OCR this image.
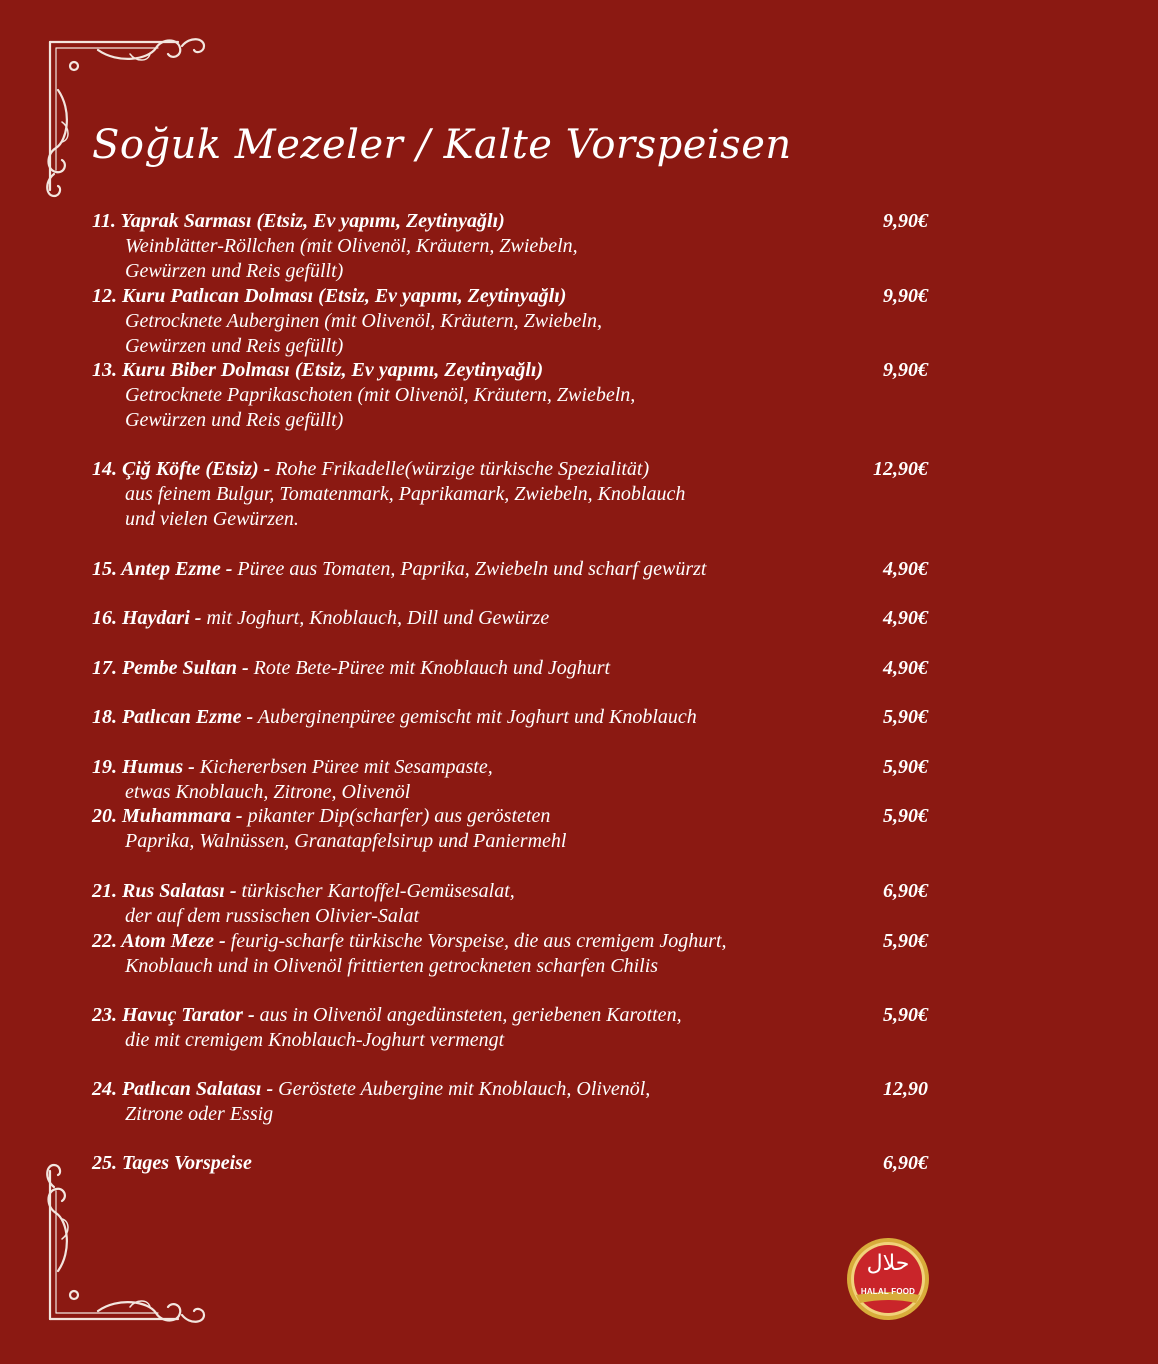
Soğuk Mezeler / Kalte Vorspeisen
11. Yaprak Sarması (Etsiz, Ev yapımı, Zeytinyağlı)
Weinblätter-Röllchen (mit Olivenöl, Kräutern, Zwiebeln,
Gewürzen und Reis gefüllt)
9,90€
12. Kuru Patlıcan Dolması (Etsiz, Ev yapımı, Zeytinyağlı)
Getrocknete Auberginen (mit Olivenöl, Kräutern, Zwiebeln,
Gewürzen und Reis gefüllt)
9,90€
13. Kuru Biber Dolması (Etsiz, Ev yapımı, Zeytinyağlı)
Getrocknete Paprikaschoten (mit Olivenöl, Kräutern, Zwiebeln,
Gewürzen und Reis gefüllt)
9,90€
14. Çiğ Köfte (Etsiz) - Rohe Frikadelle(würzige türkische Spezialität)
aus feinem Bulgur, Tomatenmark, Paprikamark, Zwiebeln, Knoblauch
und vielen Gewürzen.
12,90€
15. Antep Ezme - Püree aus Tomaten, Paprika, Zwiebeln und scharf gewürzt	4,90€
16. Haydari - mit Joghurt, Knoblauch, Dill und Gewürze	4,90€
17. Pembe Sultan - Rote Bete-Püree mit Knoblauch und Joghurt	4,90€
18. Patlıcan Ezme - Auberginenpüree gemischt mit Joghurt und Knoblauch	5,90€
19. Humus - Kichererbsen Püree mit Sesampaste,
etwas Knoblauch, Zitrone, Olivenöl
5,90€
20. Muhammara - pikanter Dip(scharfer) aus gerösteten
Paprika, Walnüssen, Granatapfelsirup und Paniermehl
5,90€
21. Rus Salatası - türkischer Kartoffel-Gemüsesalat,
der auf dem russischen Olivier-Salat
6,90€
22. Atom Meze - feurig-scharfe türkische Vorspeise, die aus cremigem Joghurt,
Knoblauch und in Olivenöl frittierten getrockneten scharfen Chilis
5,90€
23. Havuç Tarator - aus in Olivenöl angedünsteten, geriebenen Karotten,
die mit cremigem Knoblauch-Joghurt vermengt
5,90€
24. Patlıcan Salatası - Geröstete Aubergine mit Knoblauch, Olivenöl,
Zitrone oder Essig
12,90
25. Tages Vorspeise	6,90€
حلال
HALAL FOOD
